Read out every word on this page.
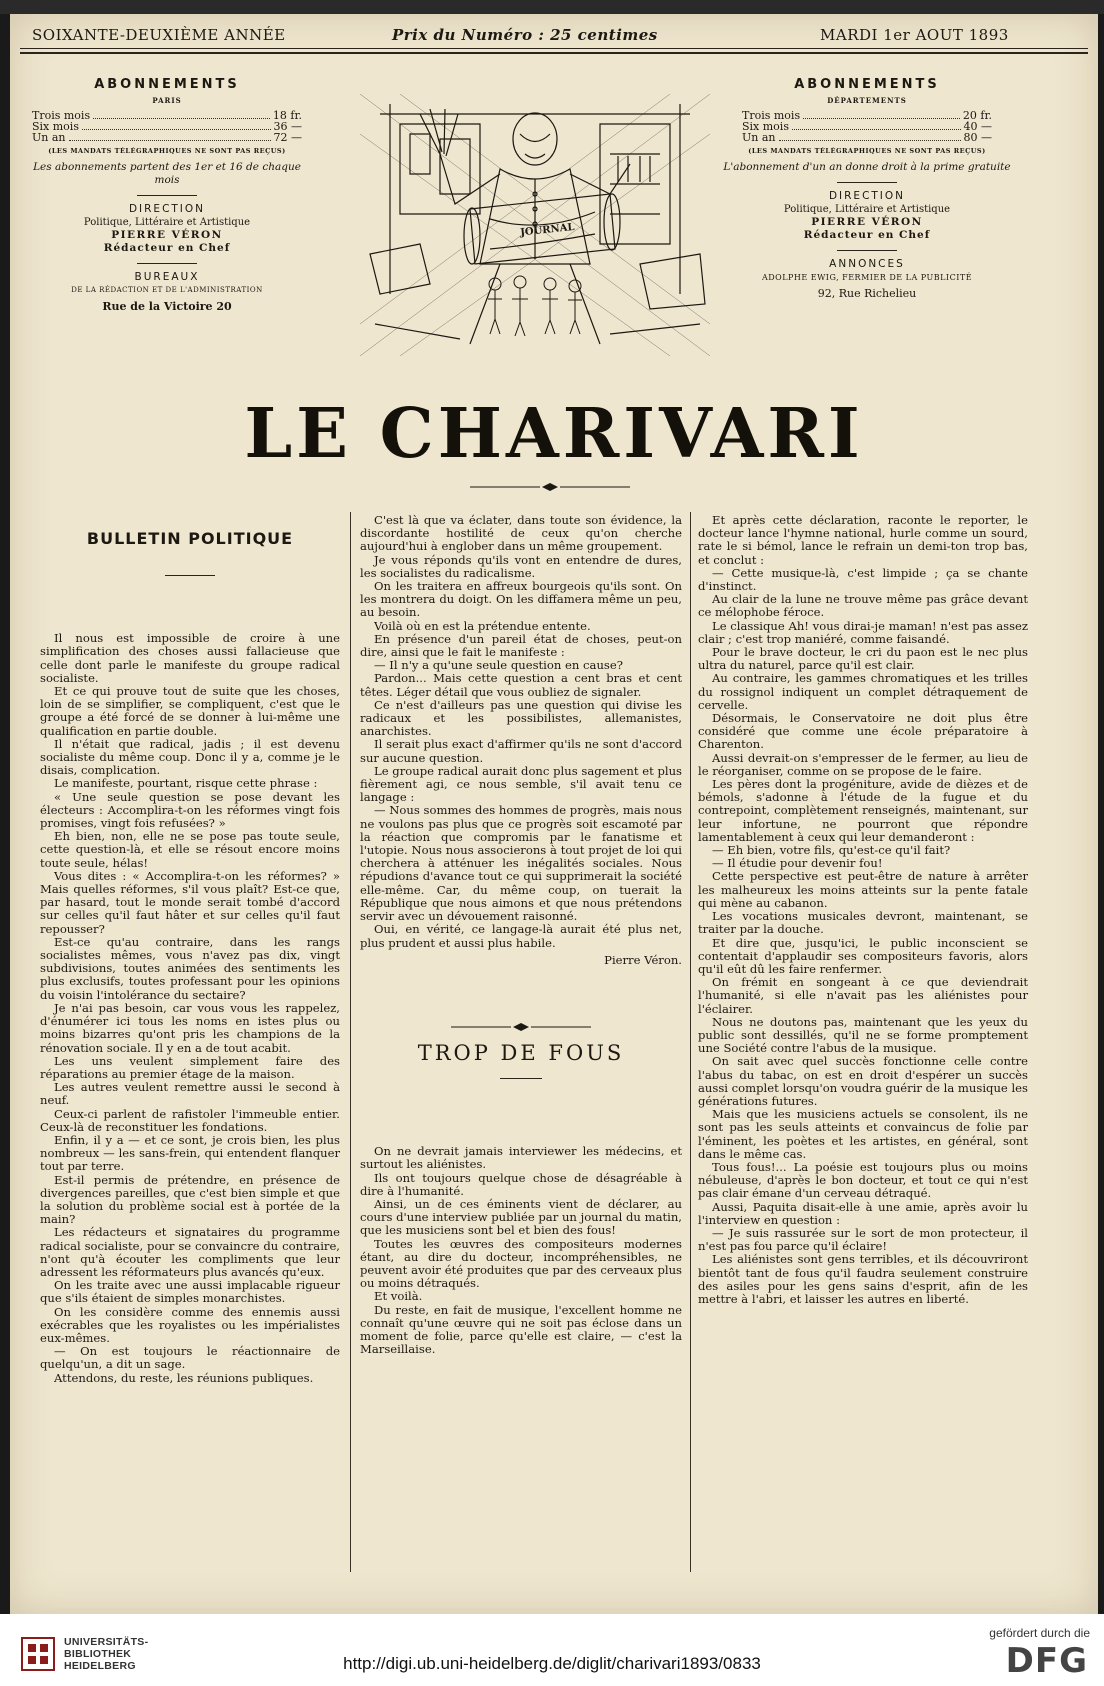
SOIXANTE-DEUXIÈME ANNÉE	Prix du Numéro : 25 centimes	MARDI 1er AOUT 1893
ABONNEMENTS
PARIS
Trois mois	18 fr.
Six mois	36 —
Un an	72 —
(LES MANDATS TÉLÉGRAPHIQUES NE SONT PAS REÇUS)
Les abonnements partent des 1er et 16 de chaque mois
DIRECTION
Politique, Littéraire et Artistique
PIERRE VÉRON
Rédacteur en Chef
BUREAUX
DE LA RÉDACTION ET DE L'ADMINISTRATION
Rue de la Victoire 20
ABONNEMENTS
DÉPARTEMENTS
Trois mois	20 fr.
Six mois	40 —
Un an	80 —
(LES MANDATS TÉLÉGRAPHIQUES NE SONT PAS REÇUS)
L'abonnement d'un an donne droit à la prime gratuite
DIRECTION
Politique, Littéraire et Artistique
PIERRE VÉRON
Rédacteur en Chef
ANNONCES
ADOLPHE EWIG, FERMIER DE LA PUBLICITÉ
92, Rue Richelieu
JOURNAL
LE CHARIVARI
BULLETIN POLITIQUE

Il nous est impossible de croire à une simplification des choses aussi fallacieuse que celle dont parle le manifeste du groupe radical socialiste.

Et ce qui prouve tout de suite que les choses, loin de se simplifier, se compliquent, c'est que le groupe a été forcé de se donner à lui-même une qualification en partie double.

Il n'était que radical, jadis ; il est devenu socialiste du même coup. Donc il y a, comme je le disais, complication.

Le manifeste, pourtant, risque cette phrase :

« Une seule question se pose devant les électeurs : Accomplira-t-on les réformes vingt fois promises, vingt fois refusées? »

Eh bien, non, elle ne se pose pas toute seule, cette question-là, et elle se résout encore moins toute seule, hélas!

Vous dites : « Accomplira-t-on les réformes? » Mais quelles réformes, s'il vous plaît? Est-ce que, par hasard, tout le monde serait tombé d'accord sur celles qu'il faut hâter et sur celles qu'il faut repousser?

Est-ce qu'au contraire, dans les rangs socialistes mêmes, vous n'avez pas dix, vingt subdivisions, toutes animées des sentiments les plus exclusifs, toutes professant pour les opinions du voisin l'intolérance du sectaire?

Je n'ai pas besoin, car vous vous les rappelez, d'énumérer ici tous les noms en istes plus ou moins bizarres qu'ont pris les champions de la rénovation sociale. Il y en a de tout acabit.

Les uns veulent simplement faire des réparations au premier étage de la maison.

Les autres veulent remettre aussi le second à neuf.

Ceux-ci parlent de rafistoler l'immeuble entier. Ceux-là de reconstituer les fondations.

Enfin, il y a — et ce sont, je crois bien, les plus nombreux — les sans-frein, qui entendent flanquer tout par terre.

Est-il permis de prétendre, en présence de divergences pareilles, que c'est bien simple et que la solution du problème social est à portée de la main?

Les rédacteurs et signataires du programme radical socialiste, pour se convaincre du contraire, n'ont qu'à écouter les compliments que leur adressent les réformateurs plus avancés qu'eux.

On les traite avec une aussi implacable rigueur que s'ils étaient de simples monarchistes.

On les considère comme des ennemis aussi exécrables que les royalistes ou les impérialistes eux-mêmes.

— On est toujours le réactionnaire de quelqu'un, a dit un sage.

Attendons, du reste, les réunions publiques.

C'est là que va éclater, dans toute son évidence, la discordante hostilité de ceux qu'on cherche aujourd'hui à englober dans un même groupement.

Je vous réponds qu'ils vont en entendre de dures, les socialistes du radicalisme.

On les traitera en affreux bourgeois qu'ils sont. On les montrera du doigt. On les diffamera même un peu, au besoin.

Voilà où en est la prétendue entente.

En présence d'un pareil état de choses, peut-on dire, ainsi que le fait le manifeste :

— Il n'y a qu'une seule question en cause?

Pardon... Mais cette question a cent bras et cent têtes. Léger détail que vous oubliez de signaler.

Ce n'est d'ailleurs pas une question qui divise les radicaux et les possibilistes, allemanistes, anarchistes.

Il serait plus exact d'affirmer qu'ils ne sont d'accord sur aucune question.

Le groupe radical aurait donc plus sagement et plus fièrement agi, ce nous semble, s'il avait tenu ce langage :

— Nous sommes des hommes de progrès, mais nous ne voulons pas plus que ce progrès soit escamoté par la réaction que compromis par le fanatisme et l'utopie. Nous nous associerons à tout projet de loi qui cherchera à atténuer les inégalités sociales. Nous répudions d'avance tout ce qui supprimerait la société elle-même. Car, du même coup, on tuerait la République que nous aimons et que nous prétendons servir avec un dévouement raisonné.

Oui, en vérité, ce langage-là aurait été plus net, plus prudent et aussi plus habile.

Pierre Véron.

TROP DE FOUS

On ne devrait jamais interviewer les médecins, et surtout les aliénistes.

Ils ont toujours quelque chose de désagréable à dire à l'humanité.

Ainsi, un de ces éminents vient de déclarer, au cours d'une interview publiée par un journal du matin, que les musiciens sont bel et bien des fous!

Toutes les œuvres des compositeurs modernes étant, au dire du docteur, incompréhensibles, ne peuvent avoir été produites que par des cerveaux plus ou moins détraqués.

Et voilà.

Du reste, en fait de musique, l'excellent homme ne connaît qu'une œuvre qui ne soit pas éclose dans un moment de folie, parce qu'elle est claire, — c'est la Marseillaise.

Et après cette déclaration, raconte le reporter, le docteur lance l'hymne national, hurle comme un sourd, rate le si bémol, lance le refrain un demi-ton trop bas, et conclut :

— Cette musique-là, c'est limpide ; ça se chante d'instinct.

Au clair de la lune ne trouve même pas grâce devant ce mélophobe féroce.

Le classique Ah! vous dirai-je maman! n'est pas assez clair ; c'est trop maniéré, comme faisandé.

Pour le brave docteur, le cri du paon est le nec plus ultra du naturel, parce qu'il est clair.

Au contraire, les gammes chromatiques et les trilles du rossignol indiquent un complet détraquement de cervelle.

Désormais, le Conservatoire ne doit plus être considéré que comme une école préparatoire à Charenton.

Aussi devrait-on s'empresser de le fermer, au lieu de le réorganiser, comme on se propose de le faire.

Les pères dont la progéniture, avide de dièzes et de bémols, s'adonne à l'étude de la fugue et du contrepoint, complètement renseignés, maintenant, sur leur infortune, ne pourront que répondre lamentablement à ceux qui leur demanderont :

— Eh bien, votre fils, qu'est-ce qu'il fait?

— Il étudie pour devenir fou!

Cette perspective est peut-être de nature à arrêter les malheureux les moins atteints sur la pente fatale qui mène au cabanon.

Les vocations musicales devront, maintenant, se traiter par la douche.

Et dire que, jusqu'ici, le public inconscient se contentait d'applaudir ses compositeurs favoris, alors qu'il eût dû les faire renfermer.

On frémit en songeant à ce que deviendrait l'humanité, si elle n'avait pas les aliénistes pour l'éclairer.

Nous ne doutons pas, maintenant que les yeux du public sont dessillés, qu'il ne se forme promptement une Société contre l'abus de la musique.

On sait avec quel succès fonctionne celle contre l'abus du tabac, on est en droit d'espérer un succès aussi complet lorsqu'on voudra guérir de la musique les générations futures.

Mais que les musiciens actuels se consolent, ils ne sont pas les seuls atteints et convaincus de folie par l'éminent, les poètes et les artistes, en général, sont dans le même cas.

Tous fous!... La poésie est toujours plus ou moins nébuleuse, d'après le bon docteur, et tout ce qui n'est pas clair émane d'un cerveau détraqué.

Aussi, Paquita disait-elle à une amie, après avoir lu l'interview en question :

— Je suis rassurée sur le sort de mon protecteur, il n'est pas fou parce qu'il éclaire!

Les aliénistes sont gens terribles, et ils découvriront bientôt tant de fous qu'il faudra seulement construire des asiles pour les gens sains d'esprit, afin de les mettre à l'abri, et laisser les autres en liberté.

UNIVERSITÄTS-
BIBLIOTHEK
HEIDELBERG	http://digi.ub.uni-heidelberg.de/diglit/charivari1893/0833
gefördert durch die
DFG
